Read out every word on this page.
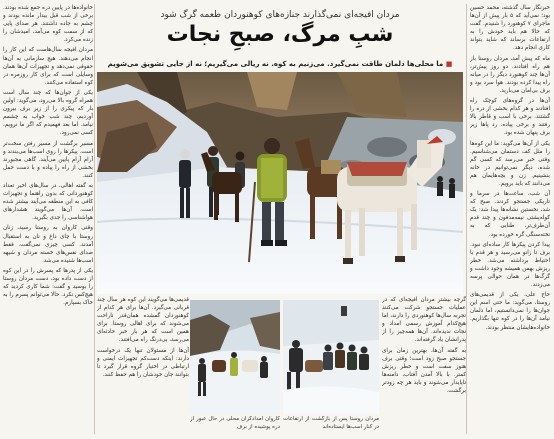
خبرنگار سال گذشته، محمد حسین بود؛ نمی‌آید که ۵ بار پیش از آن‌ها ماجرای ۷ کوهنورد را شنیدم. گفت که حالا هم باید خودش را به ارتفاعات برساند که شاید بتواند کاری انجام دهد.

ماه که پیش آمد، مردان روستا باز هم راه افتادند. دو روز پیش‌تر، آن‌ها چند کوهنورد دیگر را در میانه راه پیدا کرده بودند. هوا سرد بود و برف بی‌امان می‌بارید.

آن‌ها در گروه‌های کوچک راه افتادند و هر کدام بخشی از دره را گشتند. برخی با اسب و قاطر بالا رفتند و برخی پیاده. رد پاها زیر برف پنهان شده بود.

یکی از آن‌ها می‌گوید: ما این کوه‌ها را مثل کف دستمان می‌شناسیم. وقتی خبر می‌رسد که کسی گم شده، دیگر نمی‌توانیم در خانه بنشینیم. زن و بچه‌هایمان هم می‌دانند که باید برویم.

آن شب، ساعت‌ها در سرما و تاریکی جستجو کردند. صبح که شد، نخستین نشانه‌ها پیدا شد: یک کوله‌پشتی نیمه‌مدفون و چند قدم آن‌طرف‌تر، طنابی که به تخته‌سنگی گره خورده بود.

پیدا کردن پیکرها کار ساده‌ای نبود. برف تا زانو می‌رسید و هر قدم با احتیاط برداشته می‌شد. خطر ریزش بهمن همیشه وجود داشت و گرگ‌ها در همان حوالی پرسه می‌زدند.

حاج علی، یکی از قدیمی‌های روستا، می‌گوید: ما حتی اسم این جوان‌ها را نمی‌دانستیم، اما دلمان نیامد آن‌ها را در کوه تنها بگذاریم. خانواده‌هایشان منتظر بودند.

خانواده‌ها در پایین دره جمع شده بودند. برخی از شب قبل بیدار مانده بودند و چشم به جاده داشتند. هر صدای پایی که از سمت کوه می‌آمد، امیدشان را زنده می‌کرد.

مردان افیجه سال‌هاست که این کار را انجام می‌دهند. هیچ سازمانی به آن‌ها حقوقی نمی‌دهد و تجهیزات آن‌ها همان وسایلی است که برای کار روزمره در کوه استفاده می‌کنند.

یکی از جوان‌ها که چند سال است همراه گروه بالا می‌رود، می‌گوید: اولین بار که پیکری را از زیر برف بیرون آوردیم، چند شب خواب به چشمم نیامد. اما بعد فهمیدم که اگر ما نرویم، کسی نمی‌رود.

مسیر برگشت از مسیر رفتن سخت‌تر است. پیکرها را روی اسب‌ها می‌بندند و آرام آرام پایین می‌آیند. گاهی مجبورند بخشی از راه را پیاده و با دست حمل کنند.

به گفته اهالی، در سال‌های اخیر تعداد کوهنوردانی که بدون راهنما و تجهیزات کافی به این منطقه می‌آیند بیشتر شده است. آن‌ها می‌گویند هشدارهای هواشناسی را جدی بگیرید.

وقتی کاروان به روستا رسید، زنان روستا با چای داغ و نان به استقبال آمدند. کسی چیزی نمی‌گفت. فقط صدای نفس‌های خسته مردان و شیهه اسب‌ها شنیده می‌شد.

یکی از پدرها که پسرش را در این کوه از دست داده بود، دست مردان روستا را بوسید و گفت: شما کاری کردید که هیچ‌کس نکرد. حالا می‌توانم پسرم را به خاک بسپارم.

مردان افیجه‌ای نمی‌گذارند جنازه‌های کوهنوردان طعمه گرگ شود
شبِ مرگ، صبحِ نجات
■ ما محلی‌ها دلمان طاقت نمی‌گیرد. می‌زنیم به کوه. نه ریالی می‌گیریم؛ نه از جایی تشویق می‌شویم

گرچه بیشتر مردان افیجه‌ای که در عملیات جستجو شرکت می‌کنند تجربه سال‌ها کوهنوردی را دارند، اما هیچ‌کدام آموزش رسمی امداد و نجات ندیده‌اند. آن‌ها همه‌چیز را از پدرانشان یاد گرفته‌اند.

به گفته آن‌ها، بهترین زمان برای جستجو صبح زود است؛ وقتی برف هنوز سفت است و خطر ریزش کمتر. با بالا آمدن آفتاب، دامنه‌ها ناپایدار می‌شوند و باید هر چه زودتر برگشت.

مردان روستا پس از بازگشت از ارتفاعات در کنار اسب‌ها ایستاده‌اند
کاروان امدادگران محلی در حال عبور از دره پوشیده از برف

قدیمی‌ها می‌گویند این کوه هر سال چند قربانی می‌گیرد. آن‌ها برای هر کدام از کوهنوردان گمشده همان‌قدر ناراحت می‌شوند که برای اهالی روستا. برای همین است که هر بار خبر حادثه‌ای می‌رسد، بی‌درنگ راه می‌افتند.

آن‌ها از مسئولان تنها یک درخواست دارند: اینکه دست‌کم تجهیزات ایمنی و ارتباطی در اختیار گروه قرار گیرد تا بتوانند جان خودشان را هم حفظ کنند.
